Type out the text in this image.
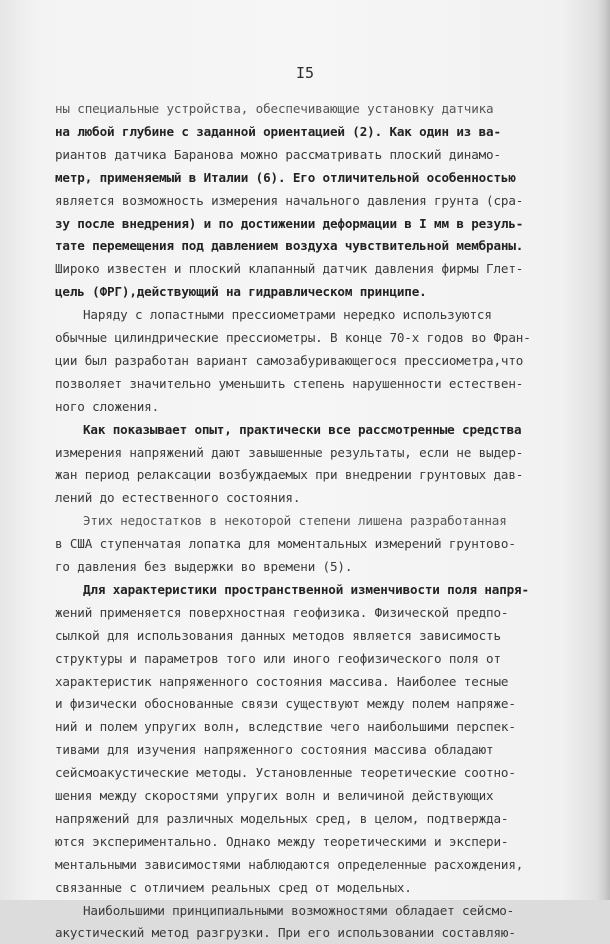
I5
ны специальные устройства, обеспечивающие установку датчика
на любой глубине с заданной ориентацией (2). Как один из ва-
риантов датчика Баранова можно рассматривать плоский динамо-
метр, применяемый в Италии (6). Его отличительной особенностью
является возможность измерения начального давления грунта (сра-
зу после внедрения) и по достижении деформации в I мм в резуль-
тате перемещения под давлением воздуха чувствительной мембраны.
Широко известен и плоский клапанный датчик давления фирмы Глет-
цель (ФРГ),действующий на гидравлическом принципе.
Наряду с лопастными прессиометрами нередко используются
обычные цилиндрические прессиометры. В конце 70-х годов во Фран-
ции был разработан вариант самозабуривающегося прессиометра,что
позволяет значительно уменьшить степень нарушенности естествен-
ного сложения.
Как показывает опыт, практически все рассмотренные средства
измерения напряжений дают завышенные результаты, если не выдер-
жан период релаксации возбуждаемых при внедрении грунтовых дав-
лений до естественного состояния.
Этих недостатков в некоторой степени лишена разработанная
в США ступенчатая лопатка для моментальных измерений грунтово-
го давления без выдержки во времени (5).
Для характеристики пространственной изменчивости поля напря-
жений применяется поверхностная геофизика. Физической предпо-
сылкой для использования данных методов является зависимость
структуры и параметров того или иного геофизического поля от
характеристик напряженного состояния массива. Наиболее тесные
и физически обоснованные связи существуют между полем напряже-
ний и полем упругих волн, вследствие чего наибольшими перспек-
тивами для изучения напряженного состояния массива обладают
сейсмоакустические методы. Установленные теоретические соотно-
шения между скоростями упругих волн и величиной действующих
напряжений для различных модельных сред, в целом, подтвержда-
ются экспериментально. Однако между теоретическими и экспери-
ментальными зависимостями наблюдаются определенные расхождения,
связанные с отличием реальных сред от модельных.
Наибольшими принципиальными возможностями обладает сейсмо-
акустический метод разгрузки. При его использовании составляю-
